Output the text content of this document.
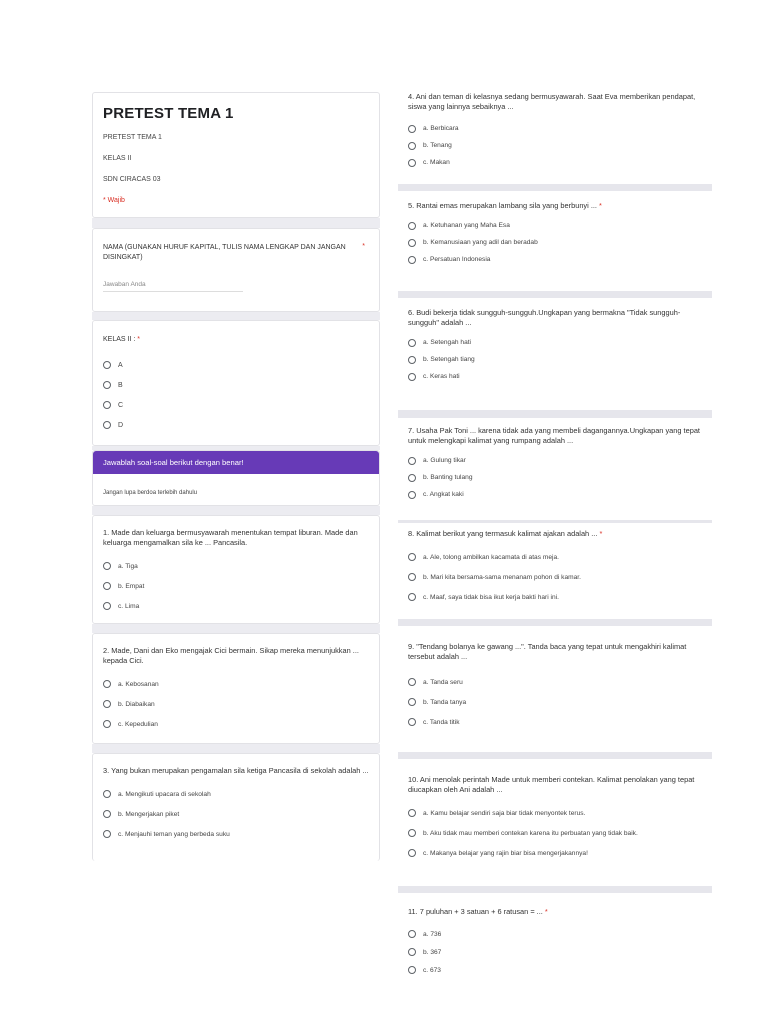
PRETEST TEMA 1
PRETEST TEMA 1
KELAS II
SDN CIRACAS 03
* Wajib
NAMA (GUNAKAN HURUF KAPITAL, TULIS NAMA LENGKAP DAN JANGAN DISINGKAT)
*
Jawaban Anda
KELAS II : *
A
B
C
D
Jawablah soal-soal berikut dengan benar!
Jangan lupa berdoa terlebih dahulu
1. Made dan keluarga bermusyawarah menentukan tempat liburan. Made dan keluarga mengamalkan sila ke ... Pancasila.
a. Tiga
b. Empat
c. Lima
2. Made, Dani dan Eko mengajak Cici bermain. Sikap mereka menunjukkan ... kepada Cici.
a. Kebosanan
b. Diabaikan
c. Kepedulian
3. Yang bukan merupakan pengamalan sila ketiga Pancasila di sekolah adalah ...
a. Mengikuti upacara di sekolah
b. Mengerjakan piket
c. Menjauhi teman yang berbeda suku
4. Ani dan teman di kelasnya sedang bermusyawarah. Saat Eva memberikan pendapat, siswa yang lainnya sebaiknya ...
a. Berbicara
b. Tenang
c. Makan
5. Rantai emas merupakan lambang sila yang berbunyi ... *
a. Ketuhanan yang Maha Esa
b. Kemanusiaan yang adil dan beradab
c. Persatuan Indonesia
6. Budi bekerja tidak sungguh-sungguh.Ungkapan yang bermakna "Tidak sungguh-sungguh" adalah ...
a. Setengah hati
b. Setengah tiang
c. Keras hati
7. Usaha Pak Toni ... karena tidak ada yang membeli dagangannya.Ungkapan yang tepat untuk melengkapi kalimat yang rumpang adalah ...
a. Gulung tikar
b. Banting tulang
c. Angkat kaki
8. Kalimat berikut yang termasuk kalimat ajakan adalah ... *
a. Ale, tolong ambilkan kacamata di atas meja.
b. Mari kita bersama-sama menanam pohon di kamar.
c. Maaf, saya tidak bisa ikut kerja bakti hari ini.
9. "Tendang bolanya ke gawang ...". Tanda baca yang tepat untuk mengakhiri kalimat tersebut adalah ...
a. Tanda seru
b. Tanda tanya
c. Tanda titik
10. Ani menolak perintah Made untuk memberi contekan. Kalimat penolakan yang tepat diucapkan oleh Ani adalah ...
a. Kamu belajar sendiri saja biar tidak menyontek terus.
b. Aku tidak mau memberi contekan karena itu perbuatan yang tidak baik.
c. Makanya belajar yang rajin biar bisa mengerjakannya!
11. 7 puluhan + 3 satuan + 6 ratusan = ... *
a. 736
b. 367
c. 673
